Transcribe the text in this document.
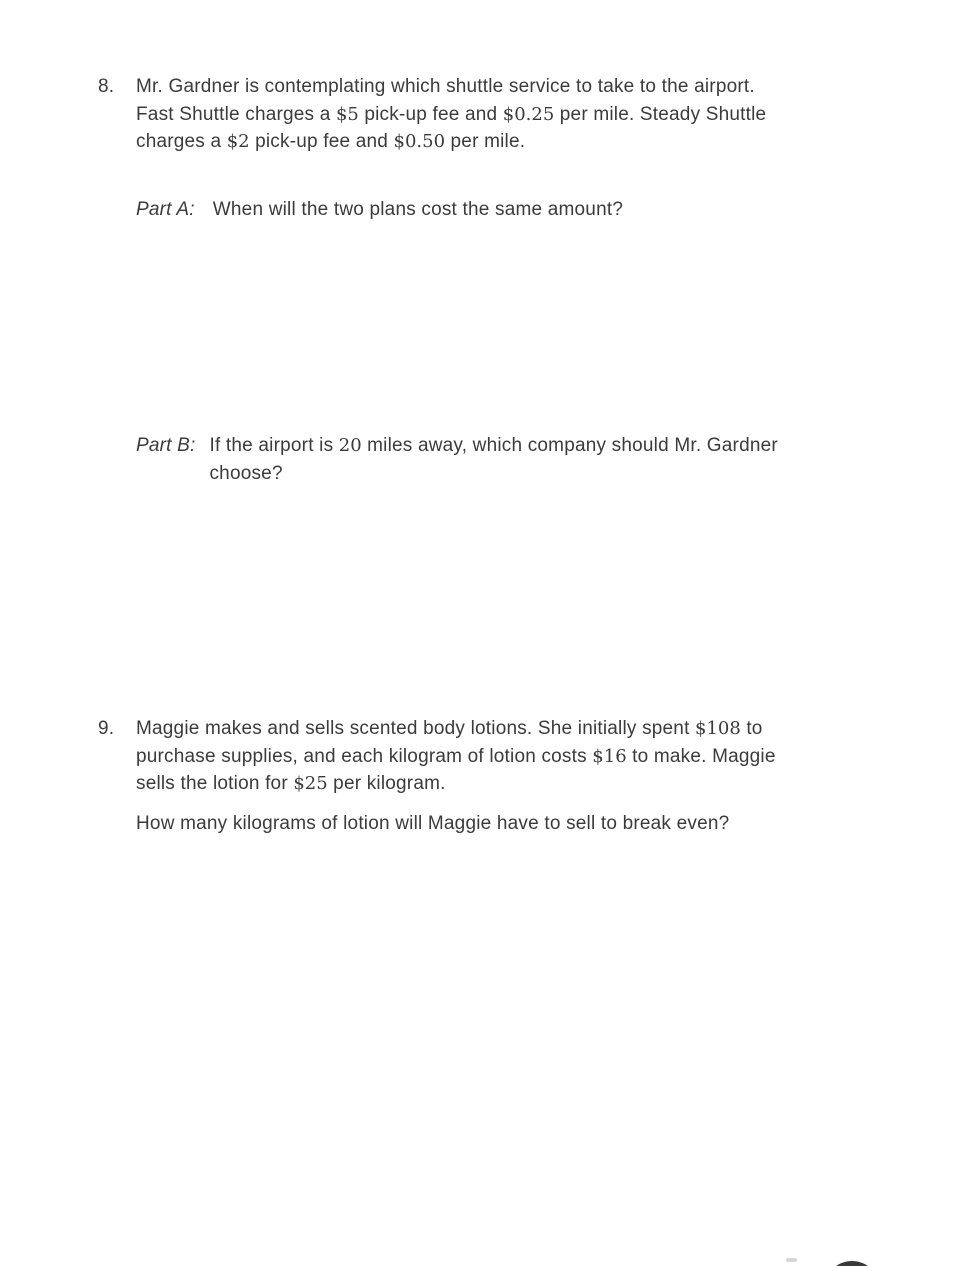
8.	Mr. Gardner is contemplating which shuttle service to take to the airport.
Fast Shuttle charges a $5 pick-up fee and $0.25 per mile. Steady Shuttle
charges a $2 pick-up fee and $0.50 per mile.
Part A: When will the two plans cost the same amount?
Part B: If the airport is 20 miles away, which company should Mr. Gardner
choose?
9.	Maggie makes and sells scented body lotions. She initially spent $108 to
purchase supplies, and each kilogram of lotion costs $16 to make. Maggie
sells the lotion for $25 per kilogram.
How many kilograms of lotion will Maggie have to sell to break even?
